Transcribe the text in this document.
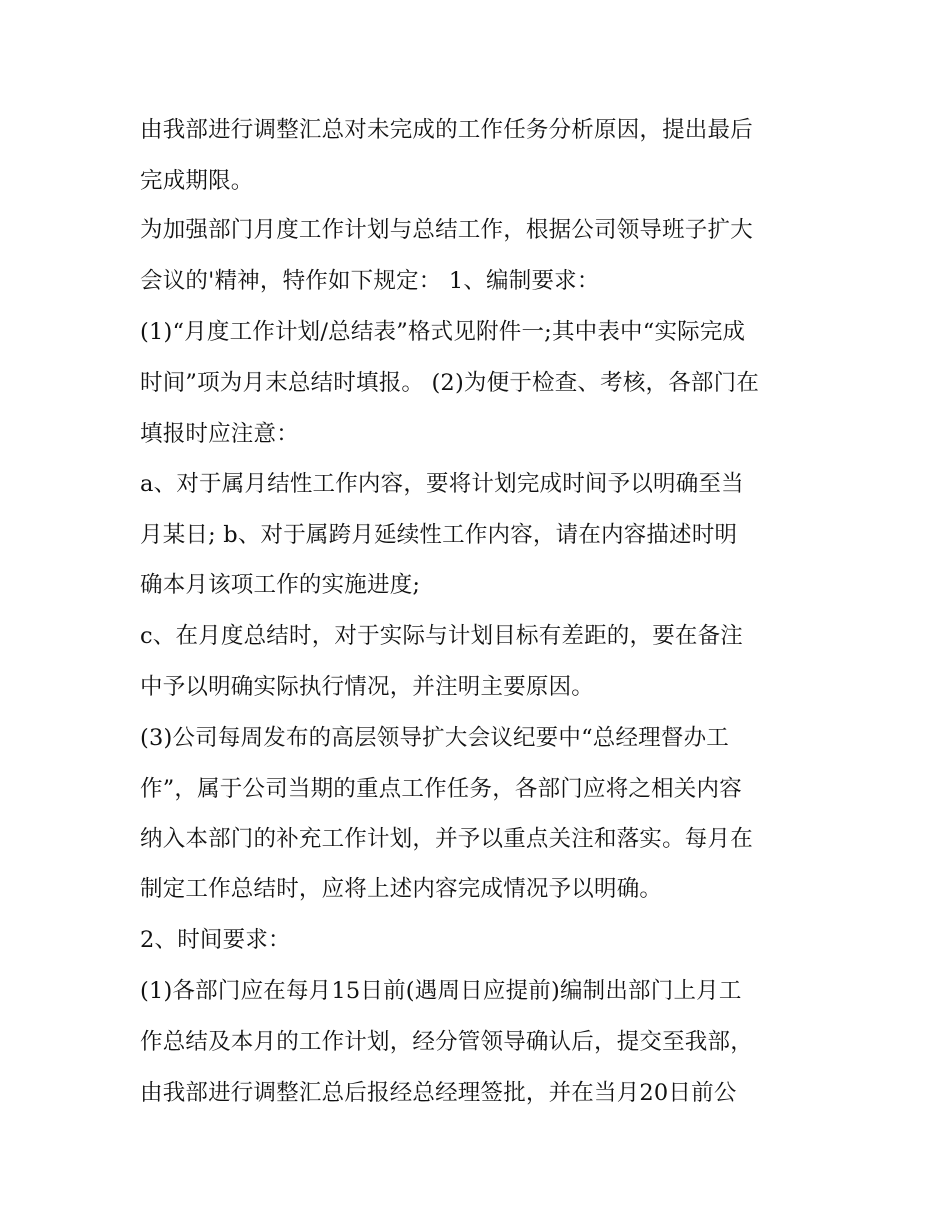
由我部进行调整汇总对未完成的工作任务分析原因，提出最后
完成期限。
为加强部门月度工作计划与总结工作，根据公司领导班子扩大
会议的'精神，特作如下规定： 1、编制要求：
(1)“月度工作计划/总结表”格式见附件一;其中表中“实际完成
时间”项为月末总结时填报。 (2)为便于检查、考核，各部门在
填报时应注意：
a、对于属月结性工作内容，要将计划完成时间予以明确至当
月某日; b、对于属跨月延续性工作内容，请在内容描述时明
确本月该项工作的实施进度;
c、在月度总结时，对于实际与计划目标有差距的，要在备注
中予以明确实际执行情况，并注明主要原因。
(3)公司每周发布的高层领导扩大会议纪要中“总经理督办工
作”，属于公司当期的重点工作任务，各部门应将之相关内容
纳入本部门的补充工作计划，并予以重点关注和落实。每月在
制定工作总结时，应将上述内容完成情况予以明确。
2、时间要求：
(1)各部门应在每月15日前(遇周日应提前)编制出部门上月工
作总结及本月的工作计划，经分管领导确认后，提交至我部，
由我部进行调整汇总后报经总经理签批，并在当月20日前公
